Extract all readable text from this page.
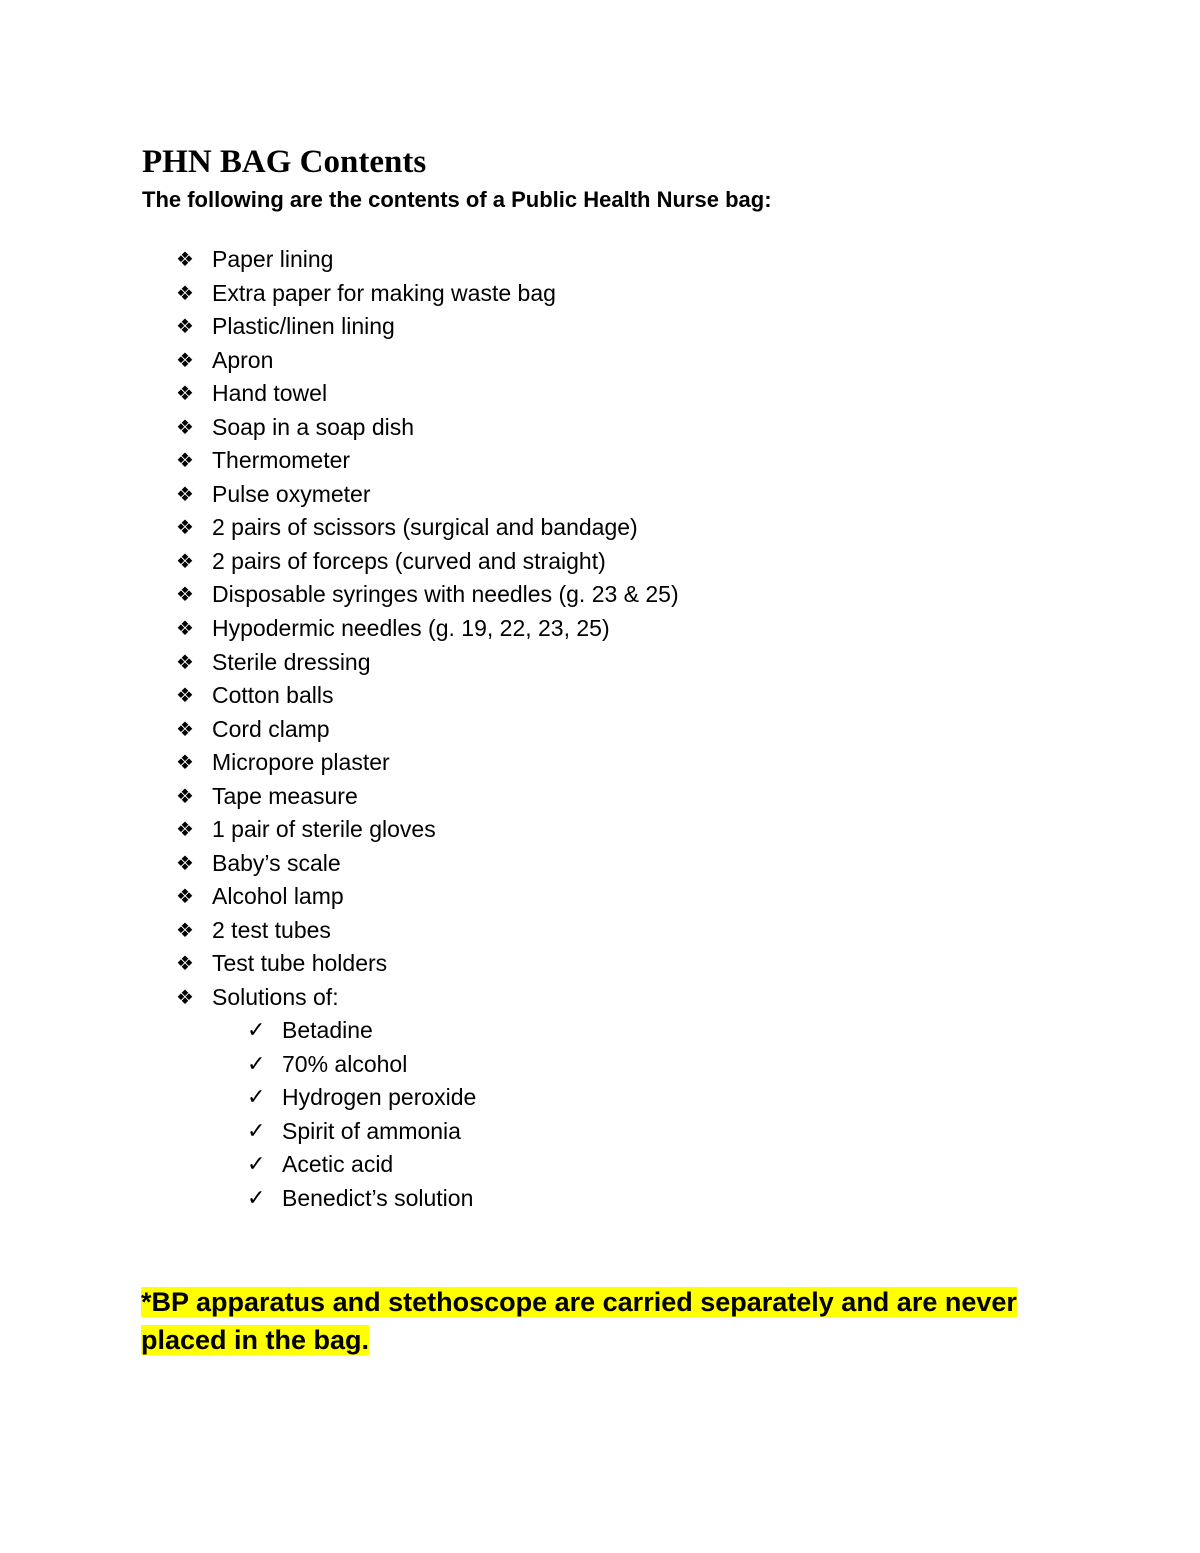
PHN BAG Contents

The following are the contents of a Public Health Nurse bag:

❖ Paper lining
❖ Extra paper for making waste bag
❖ Plastic/linen lining
❖ Apron
❖ Hand towel
❖ Soap in a soap dish
❖ Thermometer
❖ Pulse oxymeter
❖ 2 pairs of scissors (surgical and bandage)
❖ 2 pairs of forceps (curved and straight)
❖ Disposable syringes with needles (g. 23 & 25)
❖ Hypodermic needles (g. 19, 22, 23, 25)
❖ Sterile dressing
❖ Cotton balls
❖ Cord clamp
❖ Micropore plaster
❖ Tape measure
❖ 1 pair of sterile gloves
❖ Baby’s scale
❖ Alcohol lamp
❖ 2 test tubes
❖ Test tube holders
❖ Solutions of:
✓ Betadine
✓ 70% alcohol
✓ Hydrogen peroxide
✓ Spirit of ammonia
✓ Acetic acid
✓ Benedict’s solution

*BP apparatus and stethoscope are carried separately and are never placed in the bag.
